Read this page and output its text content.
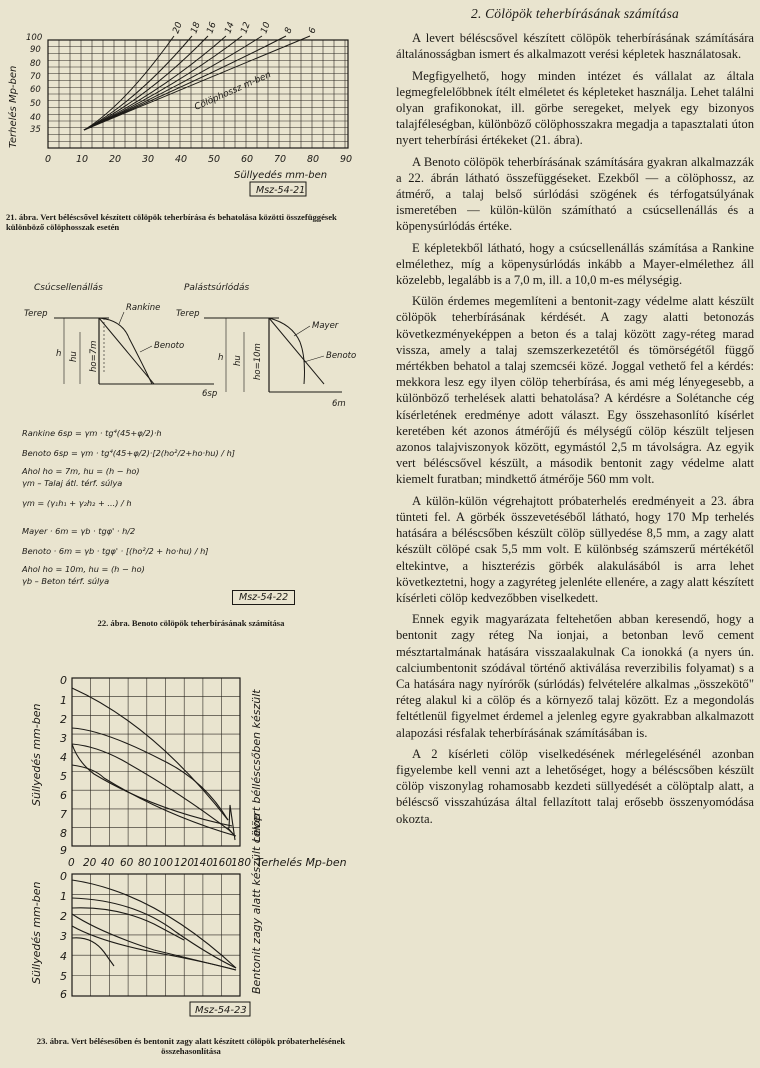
35
40
50
60
70
80
90
100
Terhelés Mp-ben
0	10 20 30 40 50 60 70 80 90
Süllyedés mm-ben
20 18 16 14 12 10 8 6
Cölöphossz m-ben
Msz-54-21
21. ábra. Vert béléscsővel készített cölöpök teherbírása és behatolása közötti összefüggések különböző cölöphosszak esetén
Csúcsellenállás	Palástsúrlódás
Terep
Rankine
Benoto
h hu ho=7m
6sp
Terep
Mayer
Benoto
h hu ho=10m
6m
Rankine 6sp = γm · tg⁴(45+φ/2)·h
Benoto 6sp = γm · tg⁴(45+φ/2)·[2(ho²/2+ho·hu) / h]
Ahol ho = 7m, hu = (h − ho)
γm – Talaj átl. térf. súlya
γm = (γ₁h₁ + γ₂h₂ + ...) / h
Mayer · 6m = γb · tgφ' · h/2
Benoto · 6m = γb · tgφ' · [(ho²/2 + ho·hu) / h]
Ahol ho = 10m, hu = (h − ho)
γb – Beton térf. súlya
Msz-54-22
22. ábra. Benoto cölöpök teherbírásának számítása
0
1
2
3
4
5
6
7
8
9
0
1
2
3
4
5
6
Süllyedés mm-ben
Süllyedés mm-ben
0 20 40 60 80 100 120
140
160
180 Terhelés Mp-ben
Levert bélléscsőben készült
Bentonit zagy alatt készült cölöp
Msz-54-23
23. ábra. Vert bélésesőben és bentonit zagy alatt készített cölöpök próbaterhelésének összehasonlítása
2. Cölöpök teherbírásának számítása

A levert béléscsővel készített cölöpök teherbírásának számítására általánosságban ismert és alkalmazott verési képletek használatosak.

Megfigyelhető, hogy minden intézet és vállalat az általa legmegfelelőbbnek ítélt elméletet és képleteket használja. Lehet találni olyan grafikonokat, ill. görbe seregeket, melyek egy bizonyos talajféleségban, különböző cölöphosszakra megadja a tapasztalati úton nyert teherbírási értékeket (21. ábra).

A Benoto cölöpök teherbírásának számítására gyakran alkalmazzák a 22. ábrán látható összefüggéseket. Ezekből — a cölöphossz, az átmérő, a talaj belső súrlódási szögének és térfogatsúlyának ismeretében — külön-külön számítható a csúcsellenállás és a köpenysúrlódás értéke.

E képletekből látható, hogy a csúcsellenállás számítása a Rankine elmélethez, míg a köpenysúrlódás inkább a Mayer-elmélethez áll közelebb, legalább is a 7,0 m, ill. a 10,0 m-es mélységig.

Külön érdemes megemlíteni a bentonit-zagy védelme alatt készült cölöpök teherbírásának kérdését. A zagy alatti betonozás következményeképpen a beton és a talaj között zagy-réteg marad vissza, amely a talaj szemszerkezetétől és tömörségétől függő mértékben behatol a talaj szemcséi közé. Joggal vethető fel a kérdés: mekkora lesz egy ilyen cölöp teherbírása, és ami még lényegesebb, a különböző terhelések alatti behatolása? A kérdésre a Solétanche cég kísérletének eredménye adott választ. Egy összehasonlító kísérlet keretében két azonos átmérőjű és mélységű cölöp készült teljesen azonos talajviszonyok között, egymástól 2,5 m távolságra. Az egyik vert béléscsővel készült, a második bentonit zagy védelme alatt kiemelt furatban; mindkettő átmérője 560 mm volt.

A külön-külön végrehajtott próbaterhelés eredményeit a 23. ábra tünteti fel. A görbék összevetéséből látható, hogy 170 Mp terhelés hatására a béléscsőben készült cölöp süllyedése 8,5 mm, a zagy alatt készült cölöpé csak 5,5 mm volt. E különbség számszerű mértékétől eltekintve, a hiszterézis görbék alakulásából is arra lehet következtetni, hogy a zagyréteg jelenléte ellenére, a zagy alatt készített kísérleti cölöp kedvezőbben viselkedett.

Ennek egyik magyarázata feltehetően abban keresendő, hogy a bentonit zagy réteg Na ionjai, a betonban levő cement mésztartalmának hatására visszaalakulnak Ca ionokká (a nyers ún. calciumbentonit szódával történő aktiválása reverzibilis folyamat) s a Ca hatására nagy nyírórők (súrlódás) felvételére alkalmas „összekötő" réteg alakul ki a cölöp és a környező talaj között. Ez a megondolás feltétlenül figyelmet érdemel a jelenleg egyre gyakrabban alkalmazott alapozási résfalak teherbírásának számításában is.

A 2 kísérleti cölöp viselkedésének mérlegelésénél azonban figyelembe kell venni azt a lehetőséget, hogy a béléscsőben készült cölöp viszonylag rohamosabb kezdeti süllyedését a cölöptalp alatt, a béléscső visszahúzása által fellazított talaj erősebb összenyomódása okozta.
